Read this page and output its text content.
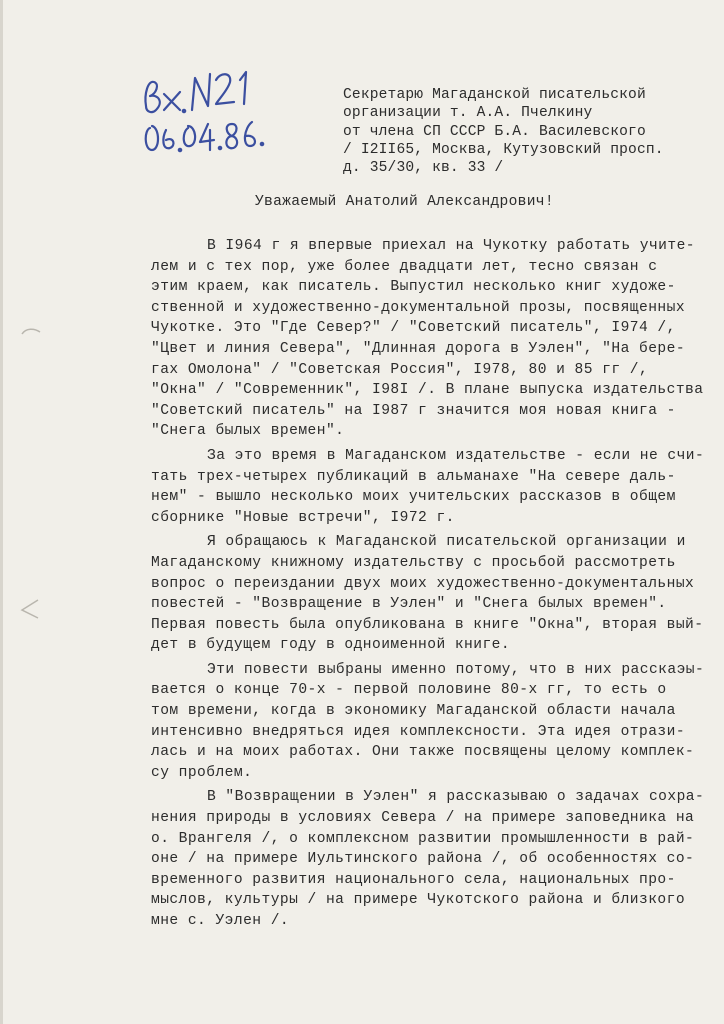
Секретарю Магаданской писательской
организации т. А.А. Пчелкину
от члена СП СССР Б.А. Василевского
/ I2II65, Москва, Кутузовский просп.
д. 35/30, кв. 33 /
Уважаемый Анатолий Александрович!

В I964 г я впервые приехал на Чукотку работать учите-
лем и с тех пор, уже более двадцати лет, тесно связан с
этим краем, как писатель. Выпустил несколько книг художе-
ственной и художественно-документальной прозы, посвященных
Чукотке. Это "Где Север?" / "Советский писатель", I974 /,
"Цвет и линия Севера", "Длинная дорога в Уэлен", "На бере-
гах Омолона" / "Советская Россия", I978, 80 и 85 гг /,
"Окна" / "Современник", I98I /. В плане выпуска издательства
"Советский писатель" на I987 г значится моя новая книга -
"Снега былых времен".

За это время в Магаданском издательстве - если не счи-
тать трех-четырех публикаций в альманахе "На севере даль-
нем" - вышло несколько моих учительских рассказов в общем
сборнике "Новые встречи", I972 г.

Я обращаюсь к Магаданской писательской организации и
Магаданскому книжному издательству с просьбой рассмотреть
вопрос о переиздании двух моих художественно-документальных
повестей - "Возвращение в Уэлен" и "Снега былых времен".
Первая повесть была опубликована в книге "Окна", вторая вый-
дет в будущем году в одноименной книге.

Эти повести выбраны именно потому, что в них расскаэы-
вается о конце 70-х - первой половине 80-х гг, то есть о
том времени, когда в экономику Магаданской области начала
интенсивно внедряться идея комплексности. Эта идея отрази-
лась и на моих работах. Они также посвящены целому комплек-
су проблем.

В "Возвращении в Уэлен" я рассказываю о задачах сохра-
нения природы в условиях Севера / на примере заповедника на
о. Врангеля /, о комплексном развитии промышленности в рай-
оне / на примере Иультинского района /, об особенностях со-
временного развития национального села, национальных про-
мыслов, культуры / на примере Чукотского района и близкого
мне с. Уэлен /.
